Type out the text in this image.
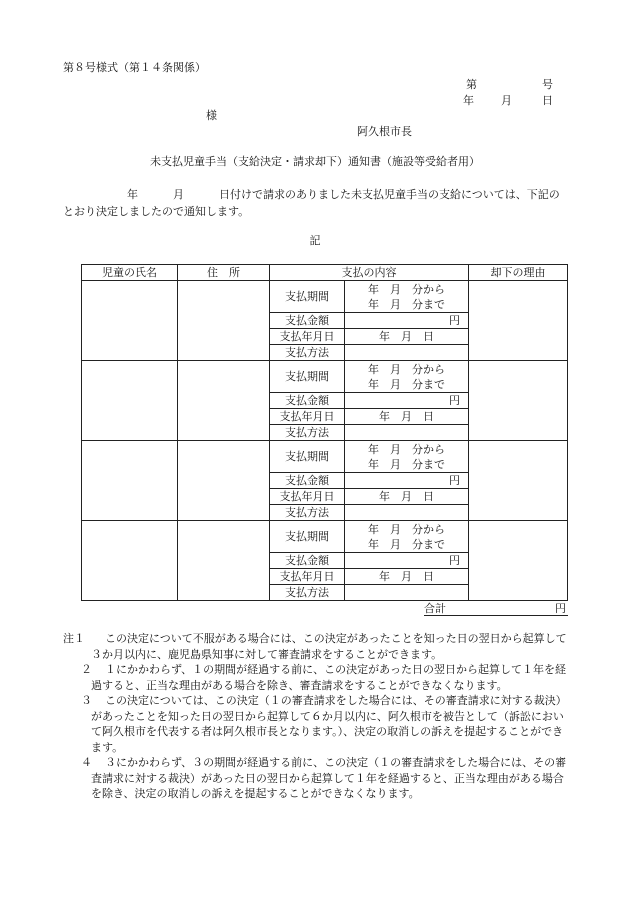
第８号様式（第１４条関係）
第	号
年 月	日
様
阿久根市長
未支払児童手当（支給決定・請求却下）通知書（施設等受給者用）
年	月	日付けで請求のありました未支払児童手当の支給については、下記のとおり決定しましたので通知します。
記
児童の氏名	住　所	支払の内容		却下の理由
		支払期間	年　月　分から
年　月　分まで	

		支払金額	円	
		支払年月日	年　月　日	
		支払方法		
		支払期間	年　月　分から
年　月　分まで	

		支払金額	円	
		支払年月日	年　月　日	
		支払方法		
		支払期間	年　月　分から
年　月　分まで	

		支払金額	円	
		支払年月日	年　月　日	
		支払方法		
		支払期間	年　月　分から
年　月　分まで	

		支払金額	円	
		支払年月日	年　月　日	
		支払方法		
合計	円
注１	この決定について不服がある場合には、この決定があったことを知った日の翌日から起算して３か月以内に、鹿児島県知事に対して審査請求をすることができます。
２	１にかかわらず、１の期間が経過する前に、この決定があった日の翌日から起算して１年を経過すると、正当な理由がある場合を除き、審査請求をすることができなくなります。
３	この決定については、この決定（１の審査請求をした場合には、その審査請求に対する裁決）があったことを知った日の翌日から起算して６か月以内に、阿久根市を被告として（訴訟において阿久根市を代表する者は阿久根市長となります。）、決定の取消しの訴えを提起することができます。
４	３にかかわらず、３の期間が経過する前に、この決定（１の審査請求をした場合には、その審査請求に対する裁決）があった日の翌日から起算して１年を経過すると、正当な理由がある場合を除き、決定の取消しの訴えを提起することができなくなります。
